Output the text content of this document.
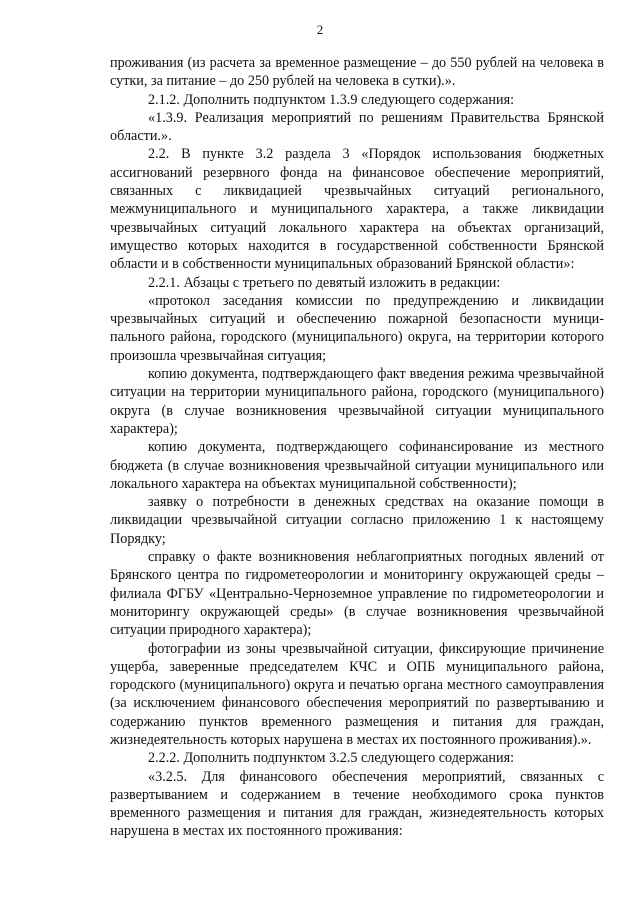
2

проживания (из расчета за временное размещение – до 550 рублей на человека в сутки, за питание – до 250 рублей на человека в сутки).».

2.1.2. Дополнить подпунктом 1.3.9 следующего содержания:

«1.3.9. Реализация мероприятий по решениям Правительства Брянской области.».

2.2. В пункте 3.2 раздела 3 «Порядок использования бюджетных ассигнований резервного фонда на финансовое обеспечение мероприятий, связанных с ликвидацией чрезвычайных ситуаций регионального, межмуниципального и муниципального характера, а также ликвидации чрезвычайных ситуаций локального характера на объектах организаций, имущество которых находится в государственной собственности Брянской области и в собственности муниципальных образований Брянской области»:

2.2.1. Абзацы с третьего по девятый изложить в редакции:

«протокол заседания комиссии по предупреждению и ликвидации чрезвычайных ситуаций и обеспечению пожарной безопасности муниципального района, городского (муниципального) округа, на территории которого произошла чрезвычайная ситуация;

копию документа, подтверждающего факт введения режима чрезвычайной ситуации на территории муниципального района, городского (муниципального) округа (в случае возникновения чрезвычайной ситуации муниципального характера);

копию документа, подтверждающего софинансирование из местного бюджета (в случае возникновения чрезвычайной ситуации муниципального или локального характера на объектах муниципальной собственности);

заявку о потребности в денежных средствах на оказание помощи в ликвидации чрезвычайной ситуации согласно приложению 1 к настоящему Порядку;

справку о факте возникновения неблагоприятных погодных явлений от Брянского центра по гидрометеорологии и мониторингу окружающей среды – филиала ФГБУ «Центрально-Черноземное управление по гидрометеорологии и мониторингу окружающей среды» (в случае возникновения чрезвычайной ситуации природного характера);

фотографии из зоны чрезвычайной ситуации, фиксирующие причинение ущерба, заверенные председателем КЧС и ОПБ муниципального района, городского (муниципального) округа и печатью органа местного самоуправления (за исключением финансового обеспечения мероприятий по развертыванию и содержанию пунктов временного размещения и питания для граждан, жизнедеятельность которых нарушена в местах их постоянного проживания).».

2.2.2. Дополнить подпунктом 3.2.5 следующего содержания:

«3.2.5. Для финансового обеспечения мероприятий, связанных с развертыванием и содержанием в течение необходимого срока пунктов временного размещения и питания для граждан, жизнедеятельность которых нарушена в местах их постоянного проживания:
